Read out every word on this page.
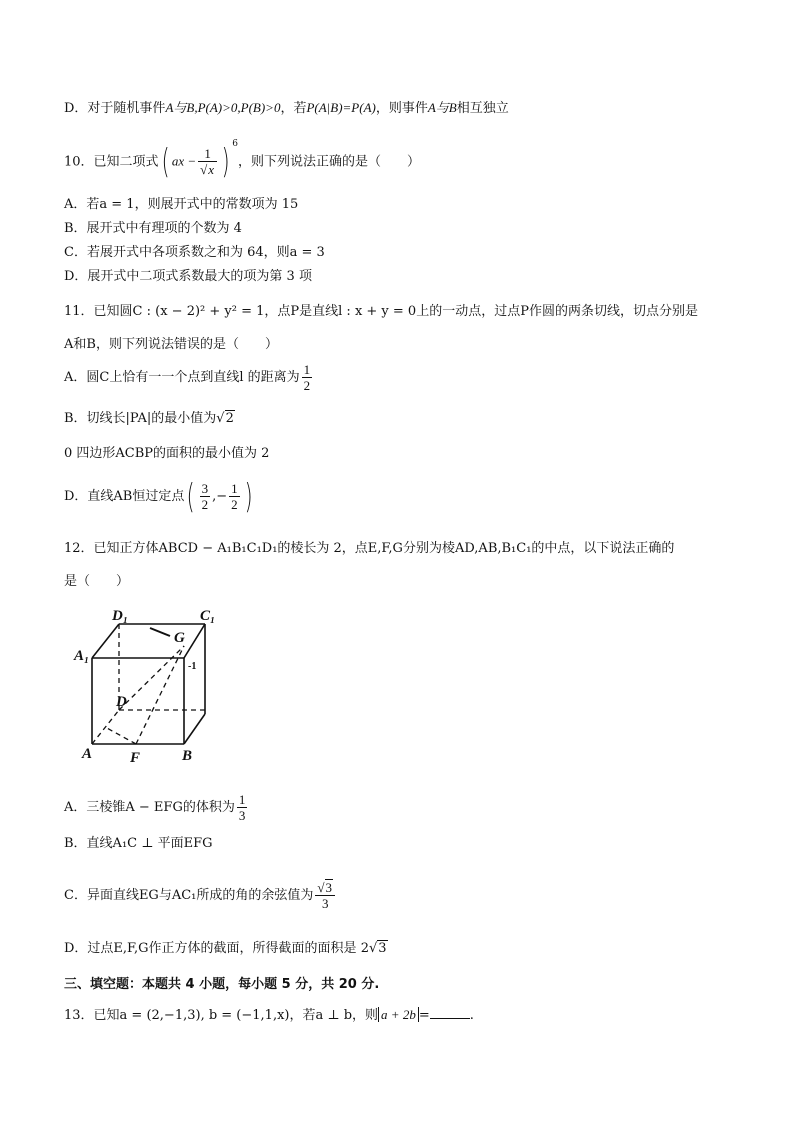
D．对于随机事件A与B,P(A)>0,P(B)>0，若P(A|B)=P(A)，则事件A与B相互独立
10．已知二项式( ax − $\frac{1}{√x}$ ) $^6$，则下列说法正确的是（　　）
A．若a = 1，则展开式中的常数项为 15
B．展开式中有理项的个数为 4
C．若展开式中各项系数之和为 64，则a = 3
D．展开式中二项式系数最大的项为第 3 项
11．已知圆C : (x − 2)² + y² = 1，点P是直线l : x + y = 0上的一动点，过点P作圆的两条切线，切点分别是
A和B，则下列说法错误的是（　　）
A．圆C上恰有一一个点到直线l 的距离为 $\frac{1}{2}$
B．切线长|PA|的最小值为√2
0 四边形ACBP的面积的最小值为 2
D．直线AB恒过定点( $\frac{3}{2}$ ,− $\frac{1}{2}$ )
12．已知正方体ABCD − A₁B₁C₁D₁的棱长为 2，点E,F,G分别为棱AD,AB,B₁C₁的中点，以下说法正确的
是（　　）
D₁	C₁
A₁
G
D
A	F	B
-1
A．三棱锥A − EFG的体积为 $\frac{1}{3}$
B．直线A₁C ⊥ 平面EFG
C．异面直线EG与AC₁所成的角的余弦值为 $\frac{√3}{3}$
D．过点E,F,G作正方体的截面，所得截面的面积是 2√3
三、填空题：本题共 4 小题，每小题 5 分，共 20 分.
13．已知a = (2,−1,3), b = (−1,1,x)，若a ⊥ b，则 a + 2b =	.
